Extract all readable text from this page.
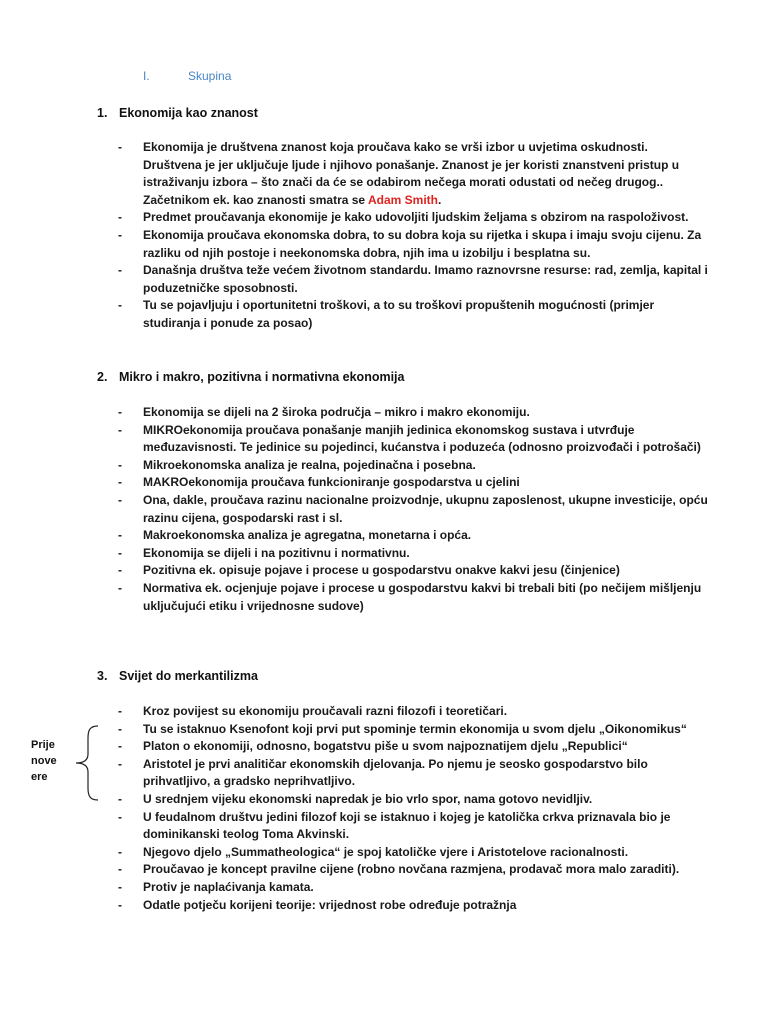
I.	Skupina
1. Ekonomija kao znanost
- Ekonomija je društvena znanost koja proučava kako se vrši izbor u uvjetima oskudnosti. Društvena je jer uključuje ljude i njihovo ponašanje. Znanost je jer koristi znanstveni pristup u istraživanju izbora – što znači da će se odabirom nečega morati odustati od nečeg drugog.. Začetnikom ek. kao znanosti smatra se Adam Smith.
- Predmet proučavanja ekonomije je kako udovoljiti ljudskim željama s obzirom na raspoloživost.
- Ekonomija proučava ekonomska dobra, to su dobra koja su rijetka i skupa i imaju svoju cijenu. Za razliku od njih postoje i neekonomska dobra, njih ima u izobilju i besplatna su.
- Današnja društva teže većem životnom standardu. Imamo raznovrsne resurse: rad, zemlja, kapital i poduzetničke sposobnosti.
- Tu se pojavljuju i oportunitetni troškovi, a to su troškovi propuštenih mogućnosti (primjer studiranja i ponude za posao)
2. Mikro i makro, pozitivna i normativna ekonomija
- Ekonomija se dijeli na 2 široka područja – mikro i makro ekonomiju.
- MIKROekonomija proučava ponašanje manjih jedinica ekonomskog sustava i utvrđuje međuzavisnosti. Te jedinice su pojedinci, kućanstva i poduzeća (odnosno proizvođači i potrošači)
- Mikroekonomska analiza je realna, pojedinačna i posebna.
- MAKROekonomija proučava funkcioniranje gospodarstva u cjelini
- Ona, dakle, proučava razinu nacionalne proizvodnje, ukupnu zaposlenost, ukupne investicije, opću razinu cijena, gospodarski rast i sl.
- Makroekonomska analiza je agregatna, monetarna i opća.
- Ekonomija se dijeli i na pozitivnu i normativnu.
- Pozitivna ek. opisuje pojave i procese u gospodarstvu onakve kakvi jesu (činjenice)
- Normativa ek. ocjenjuje pojave i procese u gospodarstvu kakvi bi trebali biti (po nečijem mišljenju uključujući etiku i vrijednosne sudove)
3. Svijet do merkantilizma
- Kroz povijest su ekonomiju proučavali razni filozofi i teoretičari.
- Tu se istaknuo Ksenofont koji prvi put spominje termin ekonomija u svom djelu „Oikonomikus“
- Platon o ekonomiji, odnosno, bogatstvu piše u svom najpoznatijem djelu „Republici“
- Aristotel je prvi analitičar ekonomskih djelovanja. Po njemu je seosko gospodarstvo bilo prihvatljivo, a gradsko neprihvatljivo.
- U srednjem vijeku ekonomski napredak je bio vrlo spor, nama gotovo nevidljiv.
- U feudalnom društvu jedini filozof koji se istaknuo i kojeg je katolička crkva priznavala bio je dominikanski teolog Toma Akvinski.
- Njegovo djelo „Summatheologica“ je spoj katoličke vjere i Aristotelove racionalnosti.
- Proučavao je koncept pravilne cijene (robno novčana razmjena, prodavač mora malo zaraditi).
- Protiv je naplaćivanja kamata.
- Odatle potječu korijeni teorije: vrijednost robe određuje potražnja
Prije
nove
ere
